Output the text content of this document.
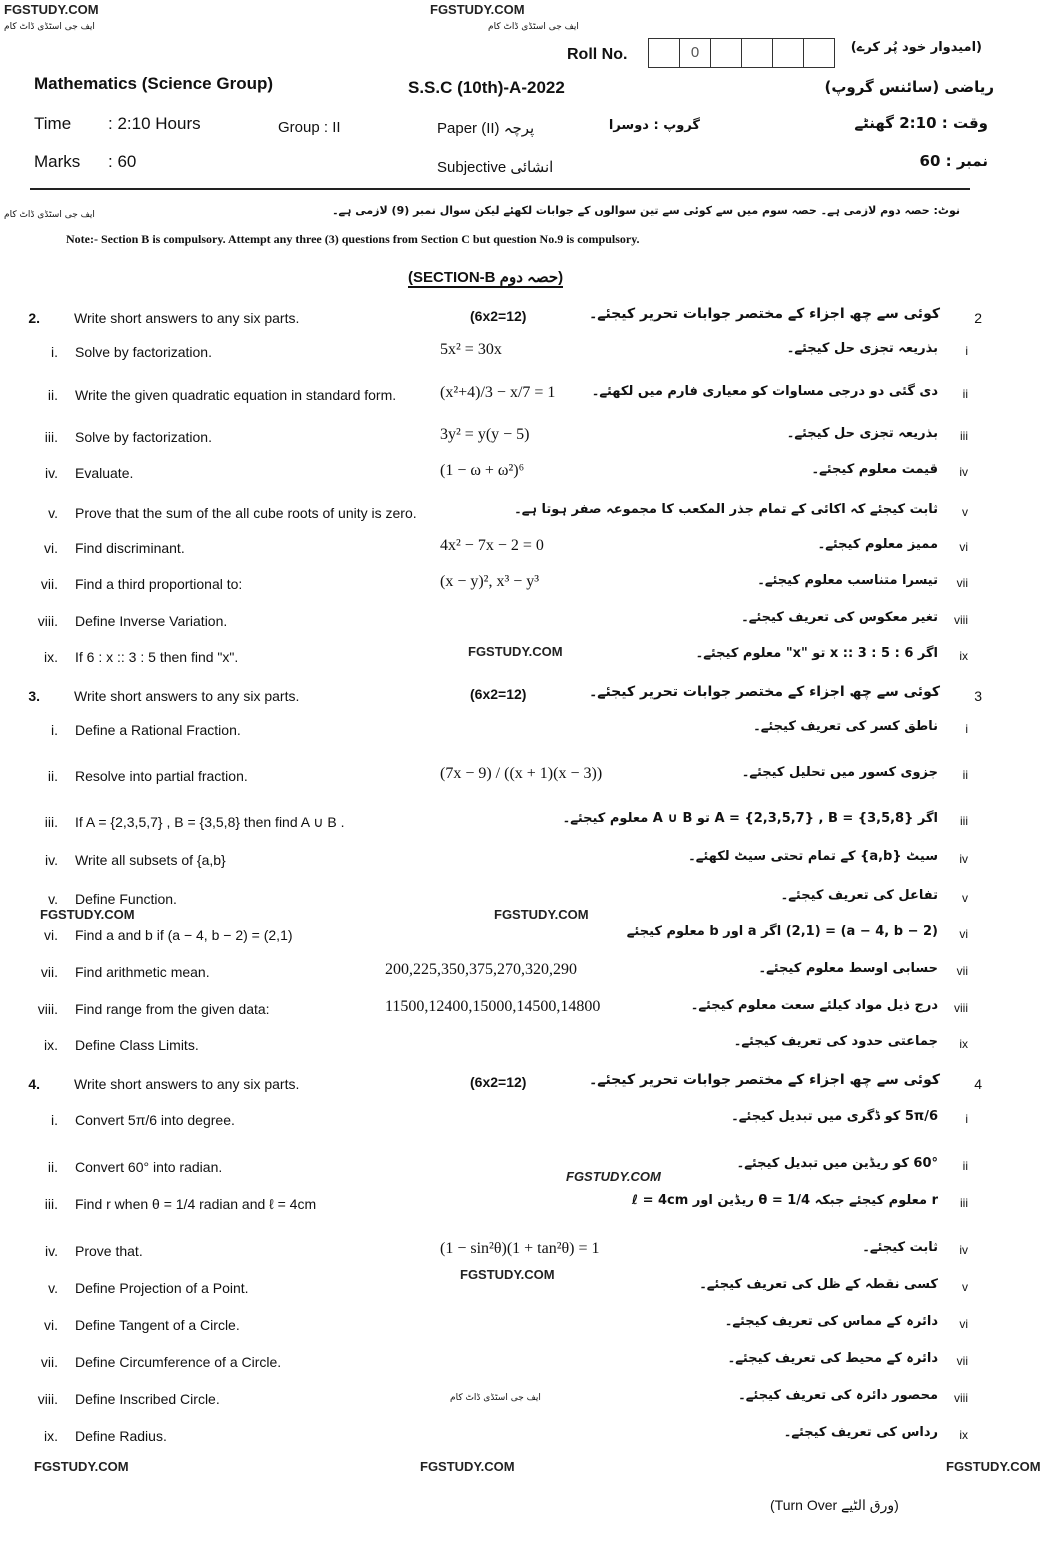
FGSTUDY.COM	FGSTUDY.COM
ایف جی اسٹڈی ڈاٹ کام	ایف جی اسٹڈی ڈاٹ کام
ایف جی اسٹڈی ڈاٹ کام
FGSTUDY.COM
FGSTUDY.COM	FGSTUDY.COM
FGSTUDY.COM
FGSTUDY.COM
ایف جی اسٹڈی ڈاٹ کام
FGSTUDY.COM	FGSTUDY.COM	FGSTUDY.COM
Roll No.	0	(امیدوار خود پُر کرے)
Mathematics (Science Group)	S.S.C (10th)-A-2022	ریاضی (سائنس گروپ)
Time : 2:10 Hours	Group : II	Paper (II) پرچہ	گروپ : دوسرا	وقت : 2:10 گھنٹے
Marks : 60	Subjective انشائی	نمبر : 60
نوٹ: حصہ دوم لازمی ہے۔ حصہ سوم میں سے کوئی سے تین سوالوں کے جوابات لکھئے لیکن سوال نمبر (9) لازمی ہے۔
Note:- Section B is compulsory. Attempt any three (3) questions from Section C but question No.9 is compulsory.
(SECTION-B حصہ دوم)
2. Write short answers to any six parts.	(6x2=12)	کوئی سے چھ اجزاء کے مختصر جوابات تحریر کیجئے۔ 2
i. Solve by factorization.	5x² = 30x	بذریعہ تجزی حل کیجئے۔ i
ii. Write the given quadratic equation in standard form.	(x²+4)/3 − x/7 = 1	دی گئی دو درجی مساوات کو معیاری فارم میں لکھئے۔ ii
iii. Solve by factorization.	3y² = y(y − 5)	بذریعہ تجزی حل کیجئے۔ iii
iv. Evaluate.	(1 − ω + ω²)⁶	قیمت معلوم کیجئے۔ iv
v. Prove that the sum of the all cube roots of unity is zero.	ثابت کیجئے کہ اکائی کے تمام جذر المکعب کا مجموعہ صفر ہوتا ہے۔ v
vi. Find discriminant.	4x² − 7x − 2 = 0	ممیز معلوم کیجئے۔ vi
vii. Find a third proportional to:	(x − y)², x³ − y³	تیسرا متناسب معلوم کیجئے۔ vii
viii. Define Inverse Variation.	تغیر معکوس کی تعریف کیجئے۔ viii
ix. If 6 : x :: 3 : 5 then find "x".	اگر 6 : x :: 3 : 5 تو "x" معلوم کیجئے۔ ix
3. Write short answers to any six parts.	(6x2=12)	کوئی سے چھ اجزاء کے مختصر جوابات تحریر کیجئے۔ 3
i. Define a Rational Fraction.	ناطق کسر کی تعریف کیجئے۔ i
ii. Resolve into partial fraction.	(7x − 9) / ((x + 1)(x − 3))	جزوی کسور میں تحلیل کیجئے۔ ii
iii. If A = {2,3,5,7} , B = {3,5,8} then find A ∪ B .	اگر A = {2,3,5,7} , B = {3,5,8} تو A ∪ B معلوم کیجئے۔ iii
iv. Write all subsets of {a,b}	سیٹ {a,b} کے تمام تحتی سیٹ لکھئے۔ iv
v. Define Function.	تفاعل کی تعریف کیجئے۔ v
vi. Find a and b if (a − 4, b − 2) = (2,1)	(a − 4, b − 2) = (2,1) اگر a اور b معلوم کیجئے vi
vii. Find arithmetic mean.	200,225,350,375,270,320,290	حسابی اوسط معلوم کیجئے۔ vii
viii. Find range from the given data:	11500,12400,15000,14500,14800	درج ذیل مواد کیلئے سعت معلوم کیجئے۔ viii
ix. Define Class Limits.	جماعتی حدود کی تعریف کیجئے۔ ix
4. Write short answers to any six parts.	(6x2=12)	کوئی سے چھ اجزاء کے مختصر جوابات تحریر کیجئے۔ 4
i. Convert 5π/6 into degree.	5π/6 کو ڈگری میں تبدیل کیجئے۔ i
ii. Convert 60° into radian.	60° کو ریڈین میں تبدیل کیجئے۔ ii
iii. Find r when θ = 1/4 radian and ℓ = 4cm	r معلوم کیجئے جبکہ θ = 1/4 ریڈین اور ℓ = 4cm iii
iv. Prove that.	(1 − sin²θ)(1 + tan²θ) = 1	ثابت کیجئے۔ iv
v. Define Projection of a Point.	کسی نقطہ کے ظل کی تعریف کیجئے۔ v
vi. Define Tangent of a Circle.	دائرہ کے مماس کی تعریف کیجئے۔ vi
vii. Define Circumference of a Circle.	دائرہ کے محیط کی تعریف کیجئے۔ vii
viii. Define Inscribed Circle.	محصور دائرہ کی تعریف کیجئے۔ viii
ix. Define Radius.	رداس کی تعریف کیجئے۔ ix
(Turn Over ورق الٹیے)
